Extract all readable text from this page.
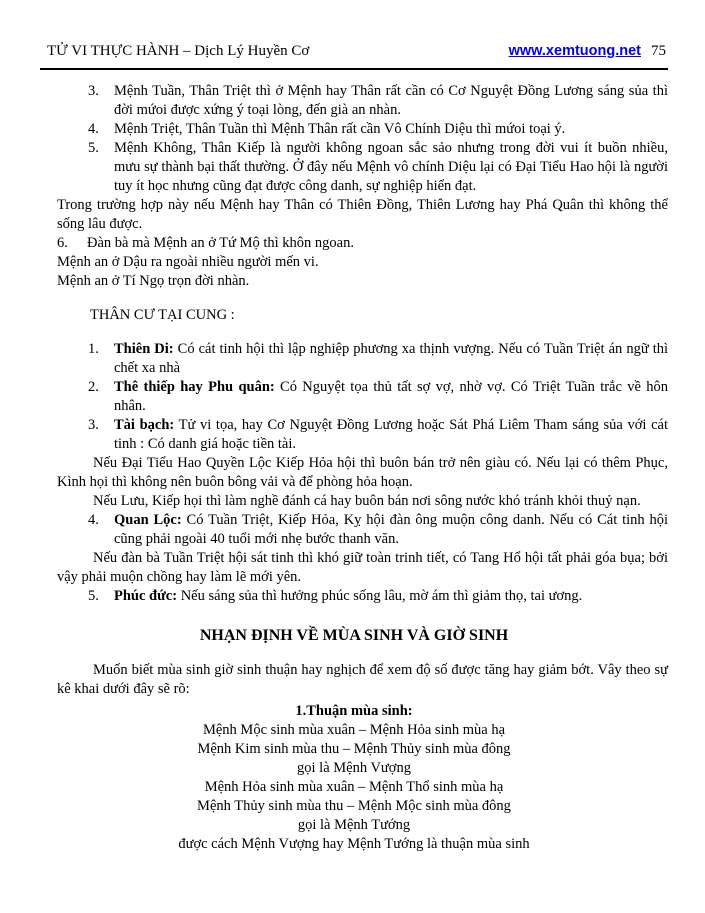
TỬ VI THỰC HÀNH – Dịch Lý Huyền Cơ	www.xemtuong.net 75
3.	Mệnh Tuần, Thân Triệt thì ở Mệnh hay Thân rất cần có Cơ Nguyệt Đồng Lương sáng sủa thì đời mứoi được xứng ý toại lòng, đến già an nhàn.
4.	Mệnh Triệt, Thân Tuần thì Mệnh Thân rất cần Vô Chính Diệu thì mứoi toại ý.
5.	Mệnh Không, Thân Kiếp là người không ngoan sắc sảo nhưng trong đời vui ít buồn nhiều, mưu sự thành bại thất thường. Ở đây nếu Mệnh vô chính Diệu lại có Đại Tiểu Hao hội là người tuy ít học nhưng cũng đạt được công danh, sự nghiệp hiển đạt.

Trong trường hợp này nếu Mệnh hay Thân có Thiên Đồng, Thiên Lương hay Phá Quân thì không thể sống lâu được.

6.	Đàn bà mà Mệnh an ở Tứ Mộ thì khôn ngoan.

Mệnh an ở Dậu ra ngoài nhiều người mến vi.

Mệnh an ở Tí Ngọ trọn đời nhàn.

THÂN CƯ TẠI CUNG :

1.	Thiên Di: Có cát tinh hội thì lập nghiệp phương xa thịnh vượng. Nếu có Tuần Triệt án ngữ thì chết xa nhà
2.	Thê thiếp hay Phu quân: Có Nguyệt tọa thủ tất sợ vợ, nhờ vợ. Có Triệt Tuần trắc về hôn nhân.
3.	Tài bạch: Tử vi tọa, hay Cơ Nguyệt Đồng Lương hoặc Sát Phá Liêm Tham sáng sủa với cát tinh : Có danh giá hoặc tiền tài.

Nếu Đại Tiểu Hao Quyền Lộc Kiếp Hỏa hội thì buôn bán trở nên giàu có. Nếu lại có thêm Phục, Kình họi thì không nên buôn bông vải và để phòng hỏa hoạn.

Nếu Lưu, Kiếp họi thì làm nghề đánh cá hay buôn bán nơi sông nước khó tránh khỏi thuỷ nạn.

4.	Quan Lộc: Có Tuần Triệt, Kiếp Hỏa, Kỵ hội đàn ông muộn công danh. Nếu có Cát tinh hội cũng phải ngoài 40 tuổi mới nhẹ bước thanh văn.

Nếu đàn bà Tuần Triệt hội sát tinh thì khó giữ toàn trinh tiết, có Tang Hổ hội tất phải góa bụa; bởi vậy phải muộn chồng hay làm lẽ mới yên.

5.	Phúc đức: Nếu sáng sủa thì hưởng phúc sống lâu, mờ ám thì giảm thọ, tai ương.
NHẠN ĐỊNH VỀ MÙA SINH VÀ GIỜ SINH

Muốn biết mùa sinh giờ sinh thuận hay nghịch để xem độ số được tăng hay giảm bớt. Vây theo sự kê khai dưới đây sẽ rõ:

1.Thuận mùa sinh:

Mệnh Mộc sinh mùa xuân – Mệnh Hỏa sinh mùa hạ

Mệnh Kim sinh mùa thu – Mệnh Thủy sinh mùa đông

gọi là Mệnh Vượng

Mệnh Hỏa sinh mùa xuân – Mệnh Thổ sinh mùa hạ

Mệnh Thủy sinh mùa thu – Mệnh Mộc sinh mùa đông

gọi là Mệnh Tướng

được cách Mệnh Vượng hay Mệnh Tướng là thuận mùa sinh
